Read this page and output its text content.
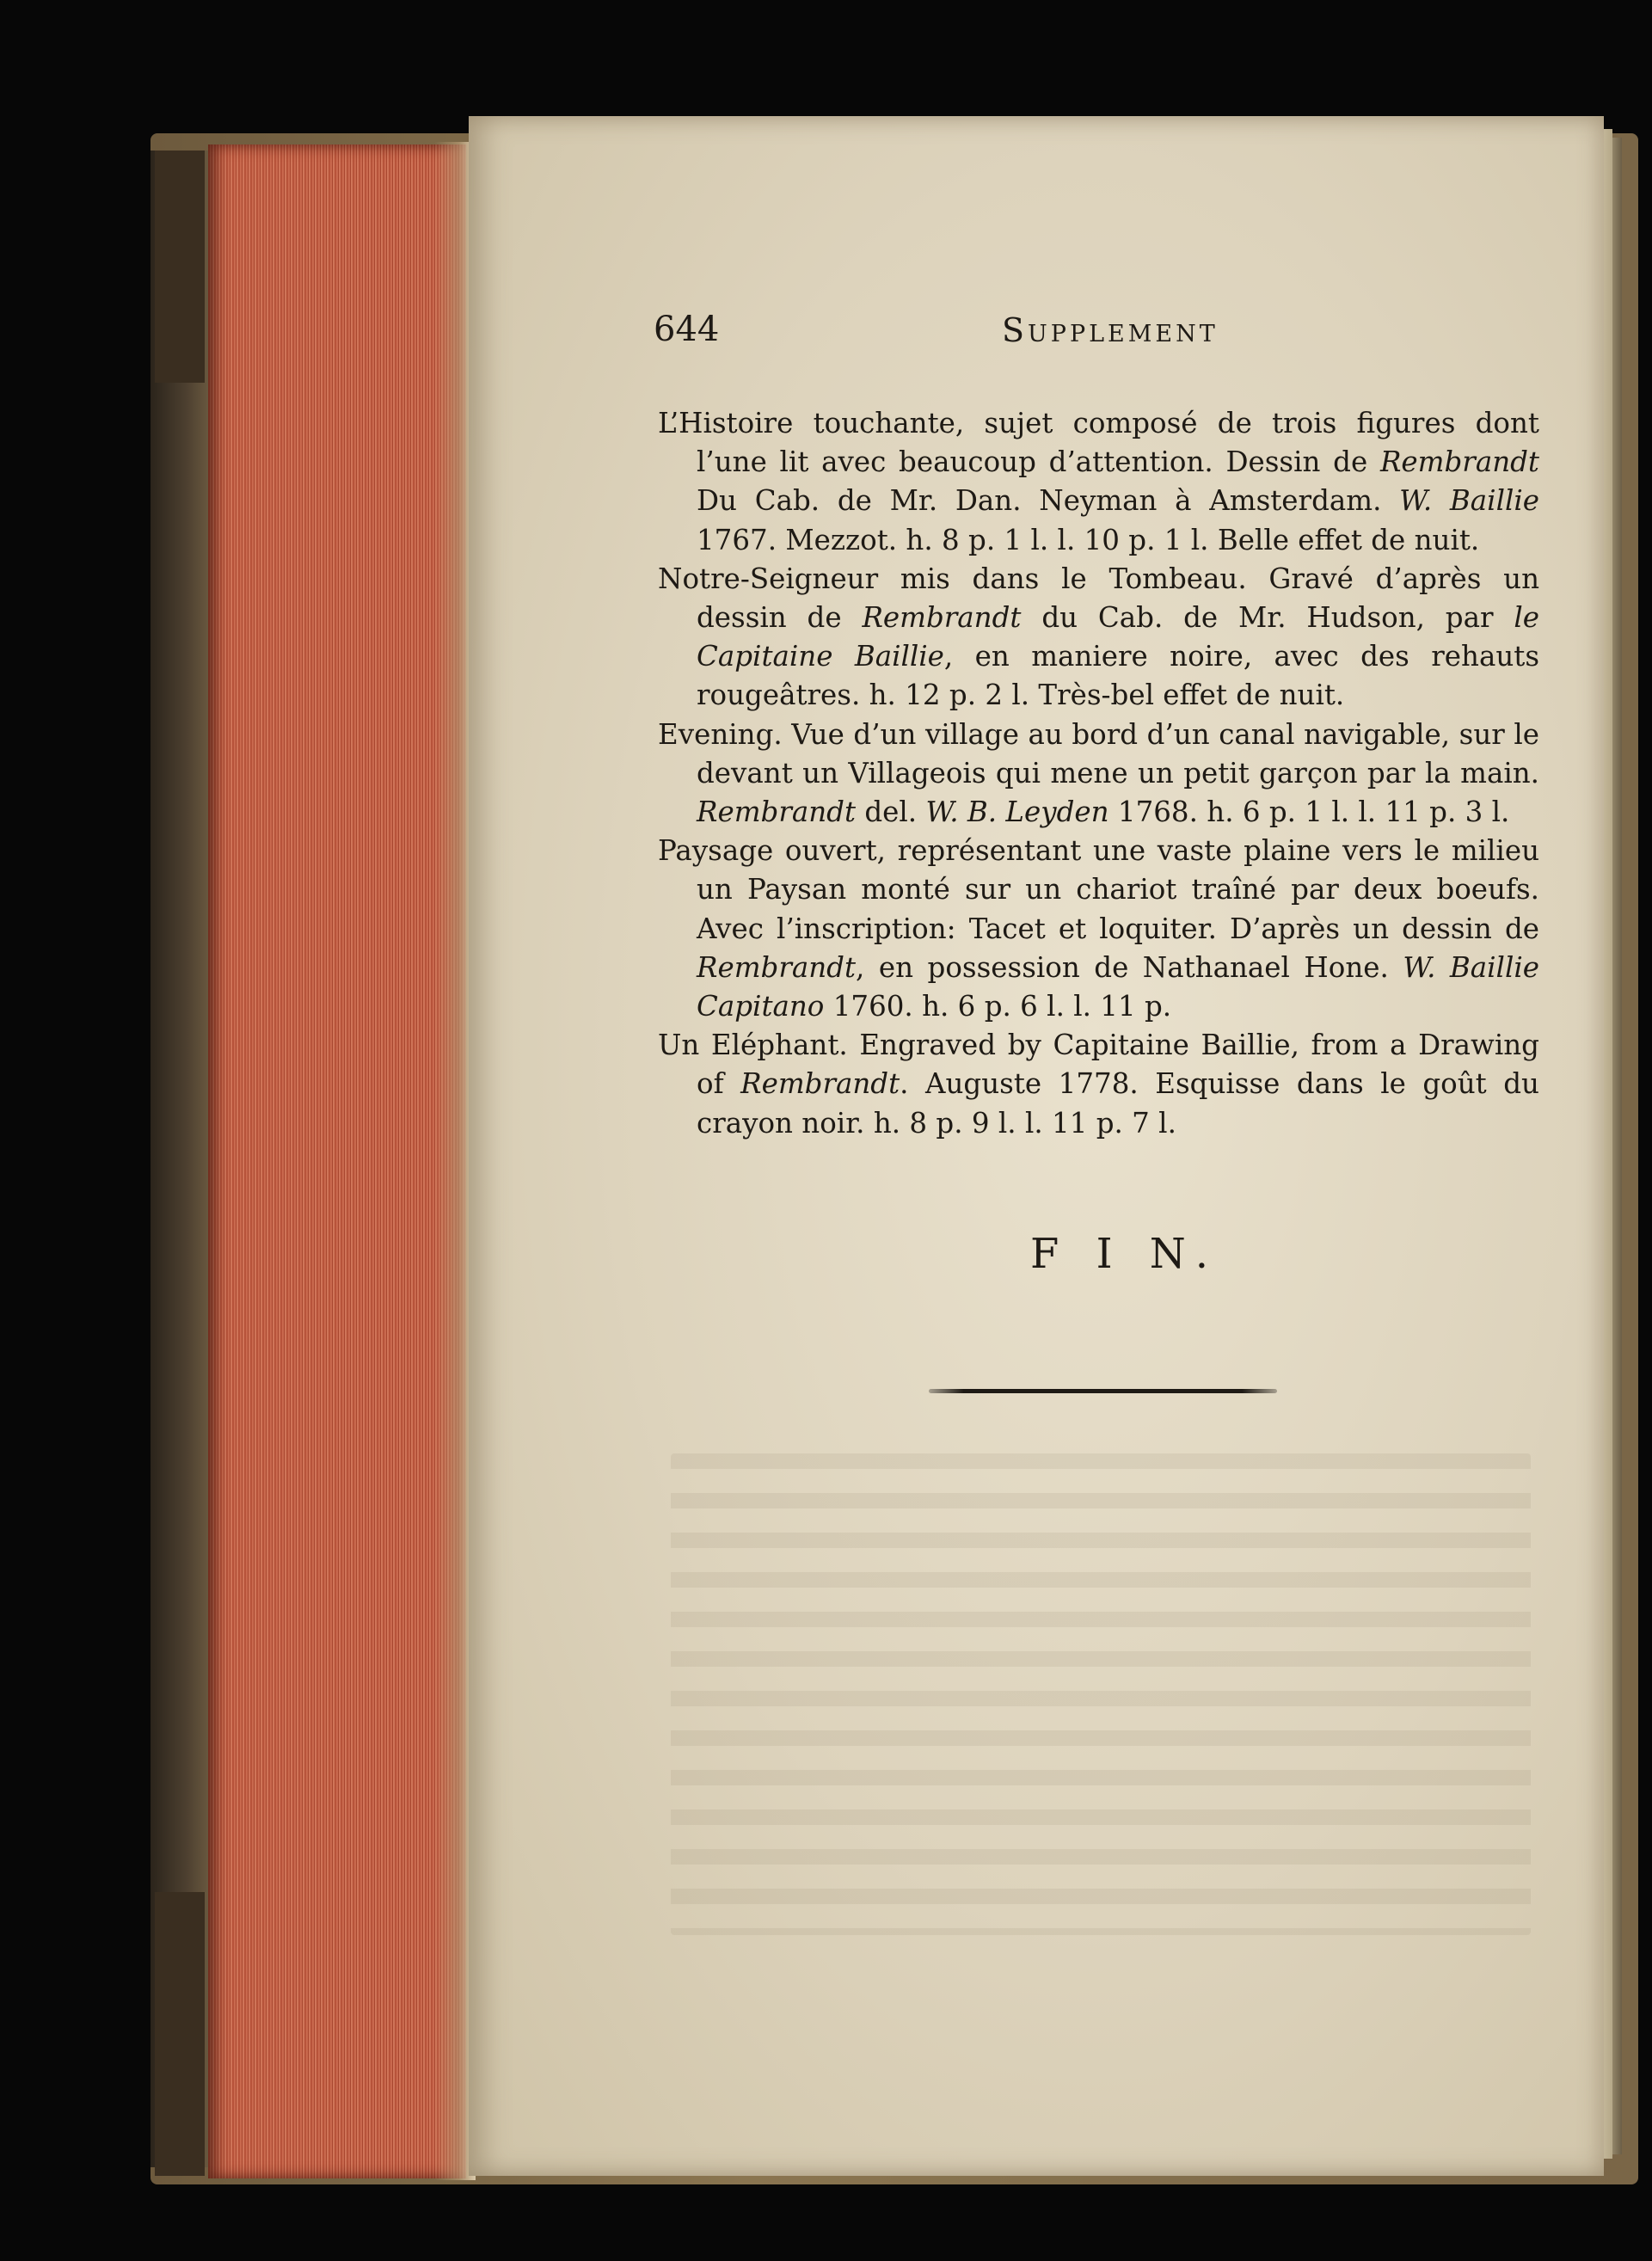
644	Supplement

L’Histoire touchante, sujet composé de trois figures dont l’une lit avec beaucoup d’attention. Dessin de Rembrandt Du Cab. de Mr. Dan. Neyman à Amsterdam. W. Baillie 1767. Mezzot. h. 8 p. 1 l. l. 10 p. 1 l. Belle effet de nuit.

Notre-Seigneur mis dans le Tombeau. Gravé d’après un dessin de Rembrandt du Cab. de Mr. Hudson, par le Capitaine Baillie, en maniere noire, avec des rehauts rougeâtres. h. 12 p. 2 l. Très-bel effet de nuit.

Evening. Vue d’un village au bord d’un canal navigable, sur le devant un Villageois qui mene un petit garçon par la main. Rembrandt del. W. B. Leyden 1768. h. 6 p. 1 l. l. 11 p. 3 l.

Paysage ouvert, représentant une vaste plaine vers le milieu un Paysan monté sur un chariot traîné par deux boeufs. Avec l’inscription: Tacet et loquiter. D’après un dessin de Rembrandt, en possession de Nathanael Hone. W. Baillie Capitano 1760. h. 6 p. 6 l. l. 11 p.

Un Eléphant. Engraved by Capitaine Baillie, from a Drawing of Rembrandt. Auguste 1778. Esquisse dans le goût du crayon noir. h. 8 p. 9 l. l. 11 p. 7 l.

F I N.
